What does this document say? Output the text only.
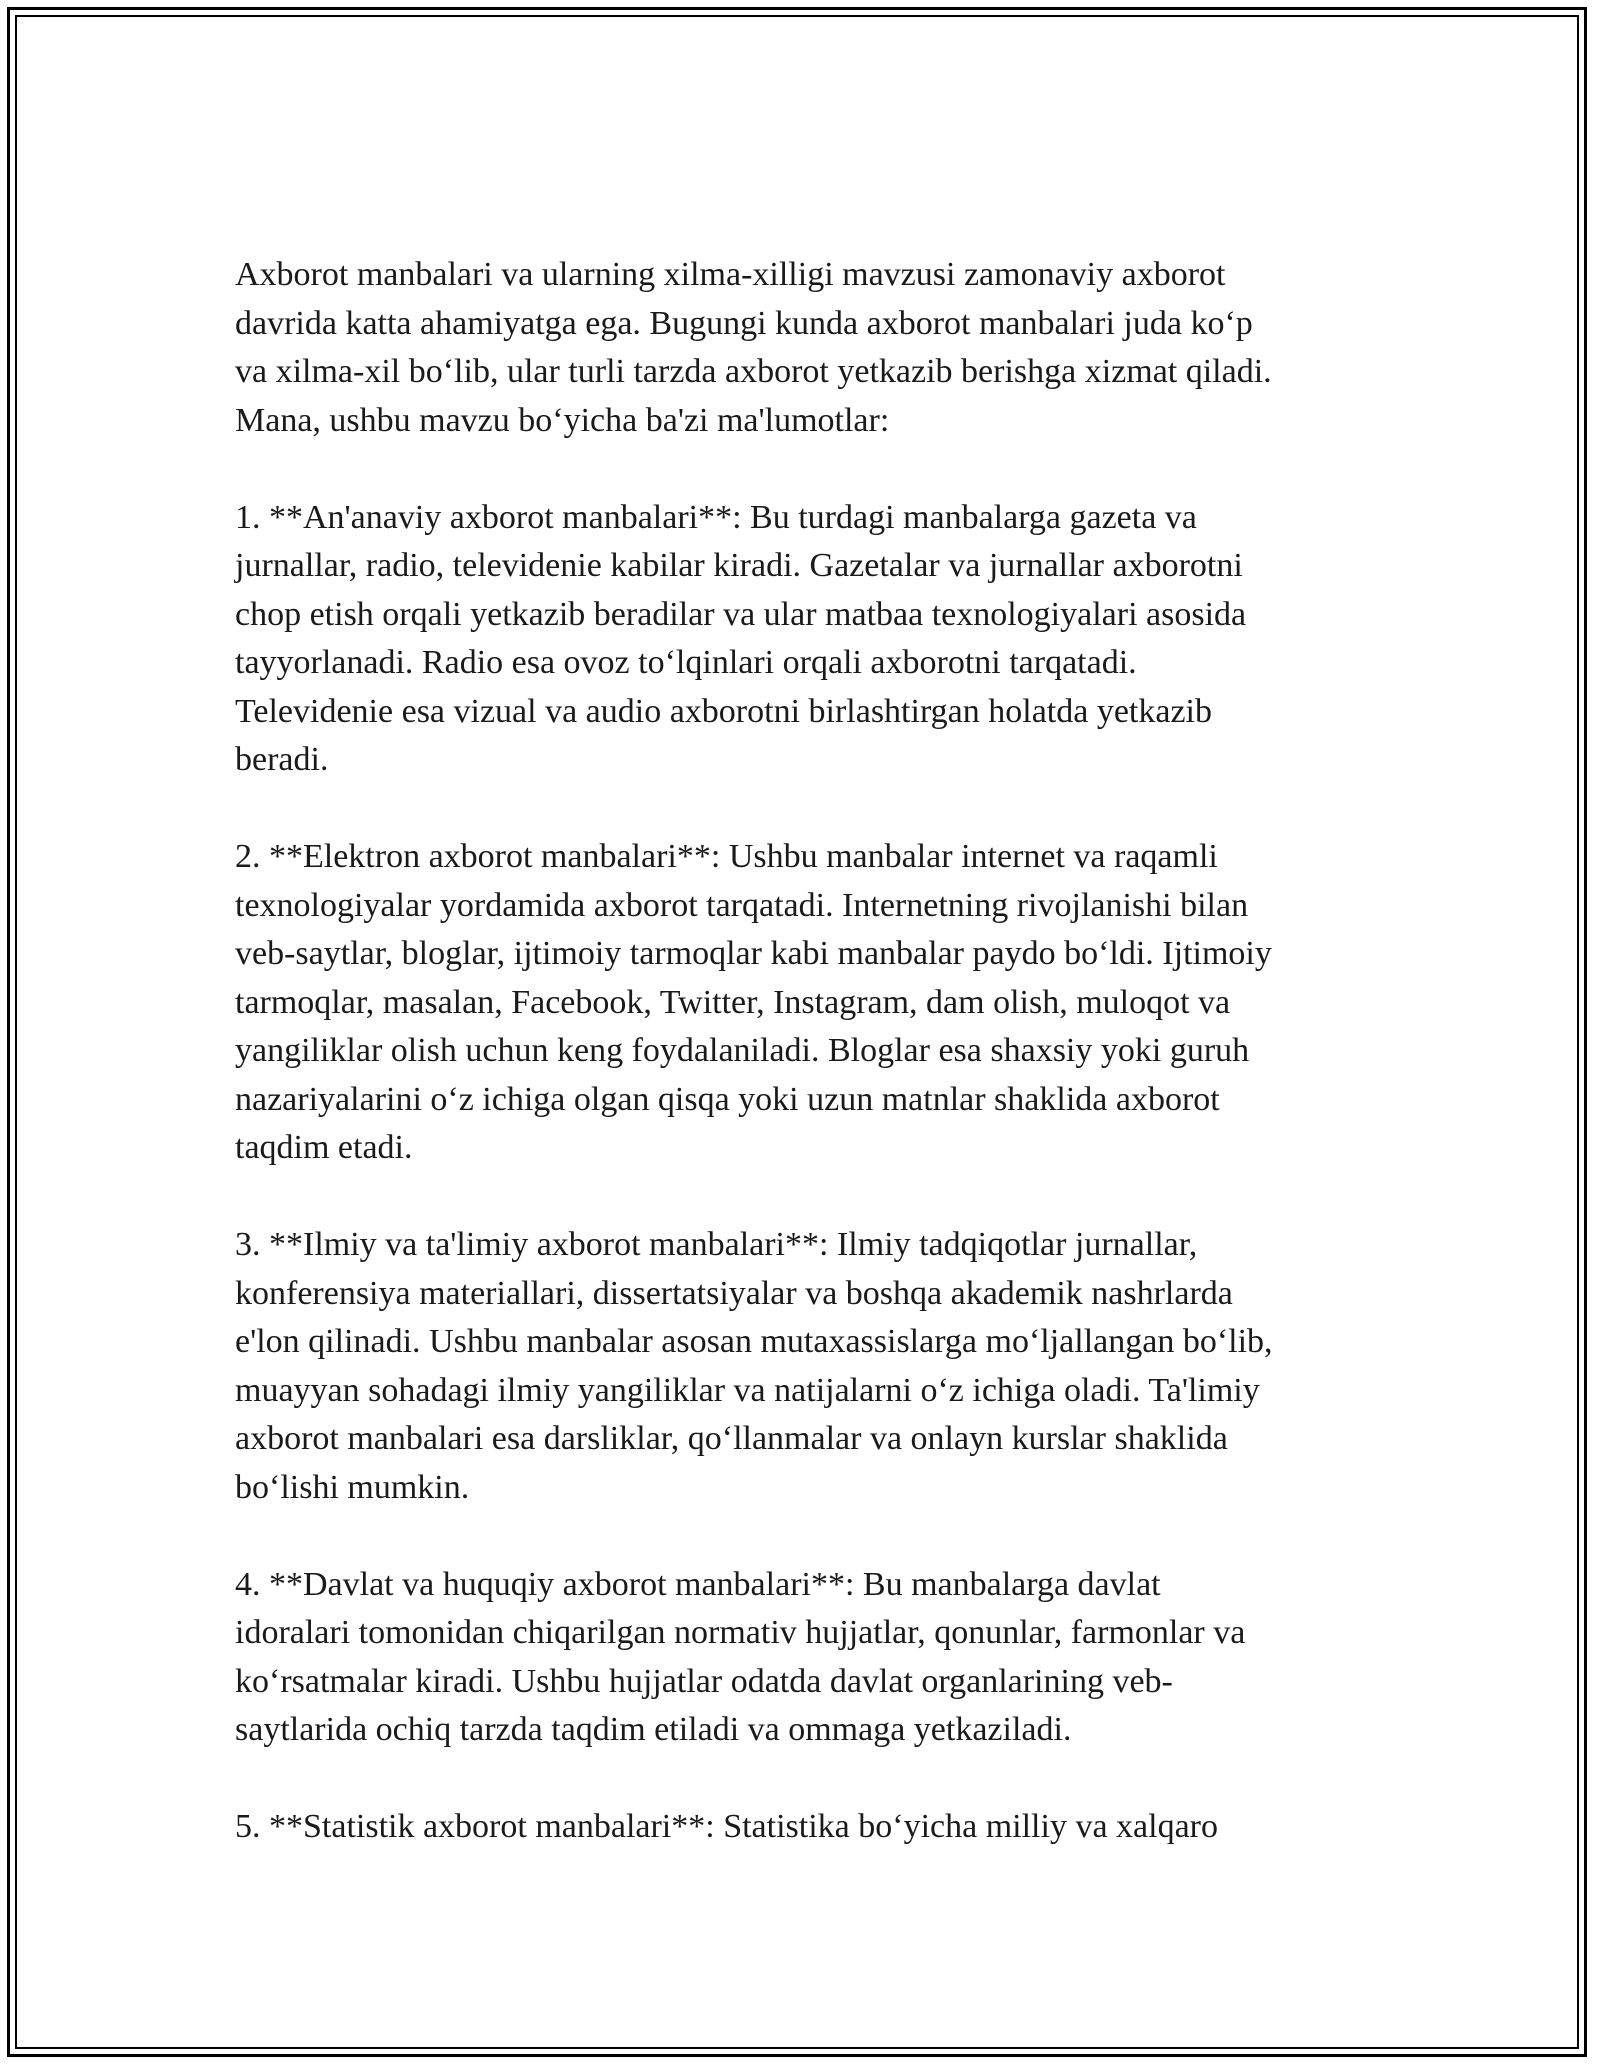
Axborot manbalari va ularning xilma-xilligi mavzusi zamonaviy axborot
davrida katta ahamiyatga ega. Bugungi kunda axborot manbalari juda koʻp
va xilma-xil boʻlib, ular turli tarzda axborot yetkazib berishga xizmat qiladi.
Mana, ushbu mavzu boʻyicha ba'zi ma'lumotlar:

1. **An'anaviy axborot manbalari**: Bu turdagi manbalarga gazeta va
jurnallar, radio, televidenie kabilar kiradi. Gazetalar va jurnallar axborotni
chop etish orqali yetkazib beradilar va ular matbaa texnologiyalari asosida
tayyorlanadi. Radio esa ovoz toʻlqinlari orqali axborotni tarqatadi.
Televidenie esa vizual va audio axborotni birlashtirgan holatda yetkazib
beradi.

2. **Elektron axborot manbalari**: Ushbu manbalar internet va raqamli
texnologiyalar yordamida axborot tarqatadi. Internetning rivojlanishi bilan
veb-saytlar, bloglar, ijtimoiy tarmoqlar kabi manbalar paydo boʻldi. Ijtimoiy
tarmoqlar, masalan, Facebook, Twitter, Instagram, dam olish, muloqot va
yangiliklar olish uchun keng foydalaniladi. Bloglar esa shaxsiy yoki guruh
nazariyalarini oʻz ichiga olgan qisqa yoki uzun matnlar shaklida axborot
taqdim etadi.

3. **Ilmiy va ta'limiy axborot manbalari**: Ilmiy tadqiqotlar jurnallar,
konferensiya materiallari, dissertatsiyalar va boshqa akademik nashrlarda
e'lon qilinadi. Ushbu manbalar asosan mutaxassislarga moʻljallangan boʻlib,
muayyan sohadagi ilmiy yangiliklar va natijalarni oʻz ichiga oladi. Ta'limiy
axborot manbalari esa darsliklar, qoʻllanmalar va onlayn kurslar shaklida
boʻlishi mumkin.

4. **Davlat va huquqiy axborot manbalari**: Bu manbalarga davlat
idoralari tomonidan chiqarilgan normativ hujjatlar, qonunlar, farmonlar va
koʻrsatmalar kiradi. Ushbu hujjatlar odatda davlat organlarining veb-
saytlarida ochiq tarzda taqdim etiladi va ommaga yetkaziladi.

5. **Statistik axborot manbalari**: Statistika boʻyicha milliy va xalqaro
